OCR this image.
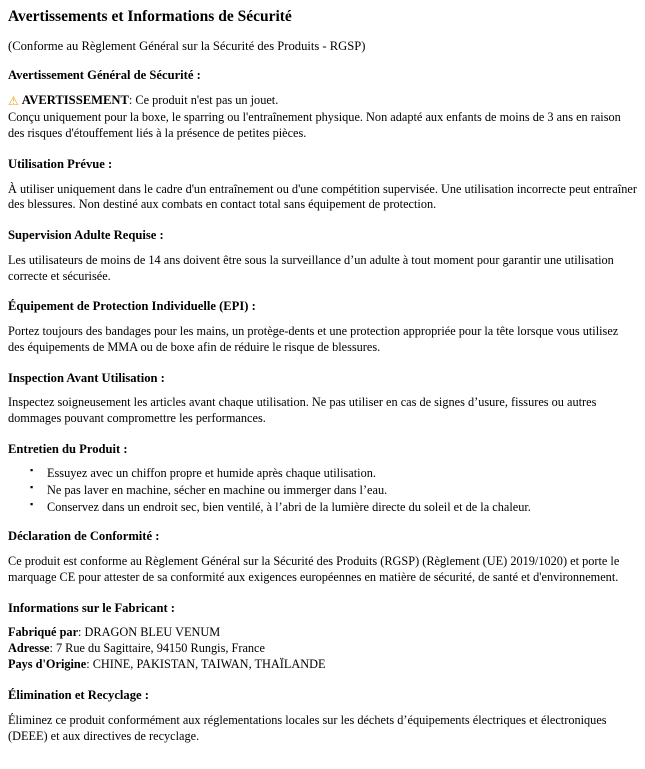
Avertissements et Informations de Sécurité
(Conforme au Règlement Général sur la Sécurité des Produits - RGSP)
Avertissement Général de Sécurité :

⚠ AVERTISSEMENT: Ce produit n'est pas un jouet.

Conçu uniquement pour la boxe, le sparring ou l'entraînement physique. Non adapté aux enfants de moins de 3 ans en raison des risques d'étouffement liés à la présence de petites pièces.

Utilisation Prévue :

À utiliser uniquement dans le cadre d'un entraînement ou d'une compétition supervisée. Une utilisation incorrecte peut entraîner des blessures. Non destiné aux combats en contact total sans équipement de protection.

Supervision Adulte Requise :

Les utilisateurs de moins de 14 ans doivent être sous la surveillance d’un adulte à tout moment pour garantir une utilisation correcte et sécurisée.

Équipement de Protection Individuelle (EPI) :

Portez toujours des bandages pour les mains, un protège-dents et une protection appropriée pour la tête lorsque vous utilisez des équipements de MMA ou de boxe afin de réduire le risque de blessures.

Inspection Avant Utilisation :

Inspectez soigneusement les articles avant chaque utilisation. Ne pas utiliser en cas de signes d’usure, fissures ou autres dommages pouvant compromettre les performances.

Entretien du Produit :
▪ Essuyez avec un chiffon propre et humide après chaque utilisation.
▪ Ne pas laver en machine, sécher en machine ou immerger dans l’eau.
▪ Conservez dans un endroit sec, bien ventilé, à l’abri de la lumière directe du soleil et de la chaleur.
Déclaration de Conformité :

Ce produit est conforme au Règlement Général sur la Sécurité des Produits (RGSP) (Règlement (UE) 2019/1020) et porte le marquage CE pour attester de sa conformité aux exigences européennes en matière de sécurité, de santé et d'environnement.

Informations sur le Fabricant :

Fabriqué par: DRAGON BLEU VENUM

Adresse: 7 Rue du Sagittaire, 94150 Rungis, France

Pays d'Origine: CHINE, PAKISTAN, TAIWAN, THAÏLANDE

Élimination et Recyclage :

Éliminez ce produit conformément aux réglementations locales sur les déchets d’équipements électriques et électroniques (DEEE) et aux directives de recyclage.
